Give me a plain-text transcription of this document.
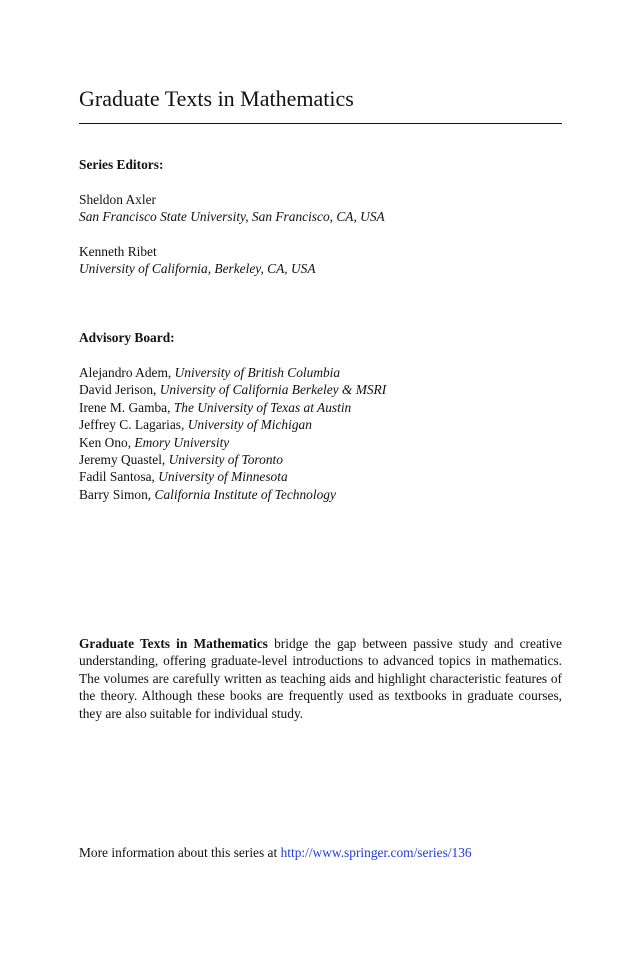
Graduate Texts in Mathematics

Series Editors:

Sheldon Axler
San Francisco State University, San Francisco, CA, USA
Kenneth Ribet
University of California, Berkeley, CA, USA

Advisory Board:

Alejandro Adem, University of British Columbia
David Jerison, University of California Berkeley & MSRI
Irene M. Gamba, The University of Texas at Austin
Jeffrey C. Lagarias, University of Michigan
Ken Ono, Emory University
Jeremy Quastel, University of Toronto
Fadil Santosa, University of Minnesota
Barry Simon, California Institute of Technology

Graduate Texts in Mathematics bridge the gap between passive study and creative understanding, offering graduate-level introductions to advanced topics in mathematics. The volumes are carefully written as teaching aids and highlight characteristic features of the theory. Although these books are frequently used as textbooks in graduate courses, they are also suitable for individual study.

More information about this series at http://www.springer.com/series/136
